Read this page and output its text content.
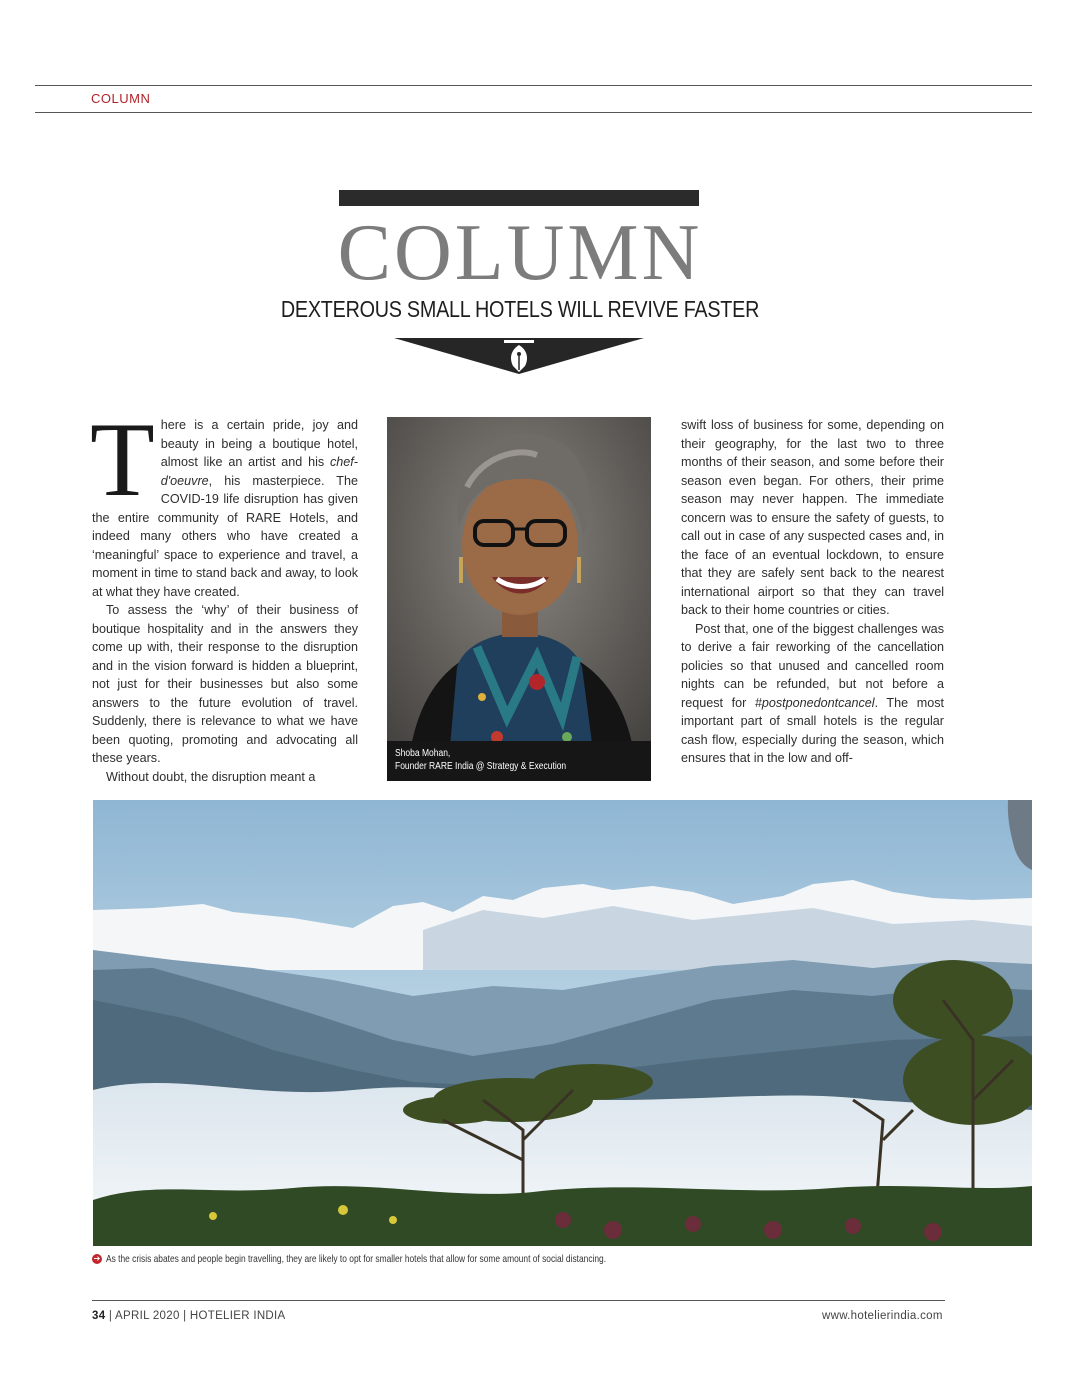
COLUMN
COLUMN
DEXTEROUS SMALL HOTELS WILL REVIVE FASTER

There is a certain pride, joy and beauty in being a boutique hotel, almost like an artist and his chef-d'oeuvre, his masterpiece. The COVID-19 life disruption has given the entire community of RARE Hotels, and indeed many others who have created a ‘meaningful’ space to experience and travel, a moment in time to stand back and away, to look at what they have created.

To assess the ‘why’ of their business of boutique hospitality and in the answers they come up with, their response to the disruption and in the vision forward is hidden a blueprint, not just for their businesses but also some answers to the future evolution of travel. Suddenly, there is relevance to what we have been quoting, promoting and advocating all these years.

Without doubt, the disruption meant a

Shoba Mohan,
Founder RARE India @ Strategy & Execution

swift loss of business for some, depending on their geography, for the last two to three months of their season, and some before their season even began. For others, their prime season may never happen. The immediate concern was to ensure the safety of guests, to call out in case of any suspected cases and, in the face of an eventual lockdown, to ensure that they are safely sent back to the nearest international airport so that they can travel back to their home countries or cities.

Post that, one of the biggest challenges was to derive a fair reworking of the cancellation policies so that unused and cancelled room nights can be refunded, but not before a request for #postponedontcancel. The most important part of small hotels is the regular cash flow, especially during the season, which ensures that in the low and off-

➔ As the crisis abates and people begin travelling, they are likely to opt for smaller hotels that allow for some amount of social distancing.
34 | APRIL 2020 | HOTELIER INDIA	www.hotelierindia.com
